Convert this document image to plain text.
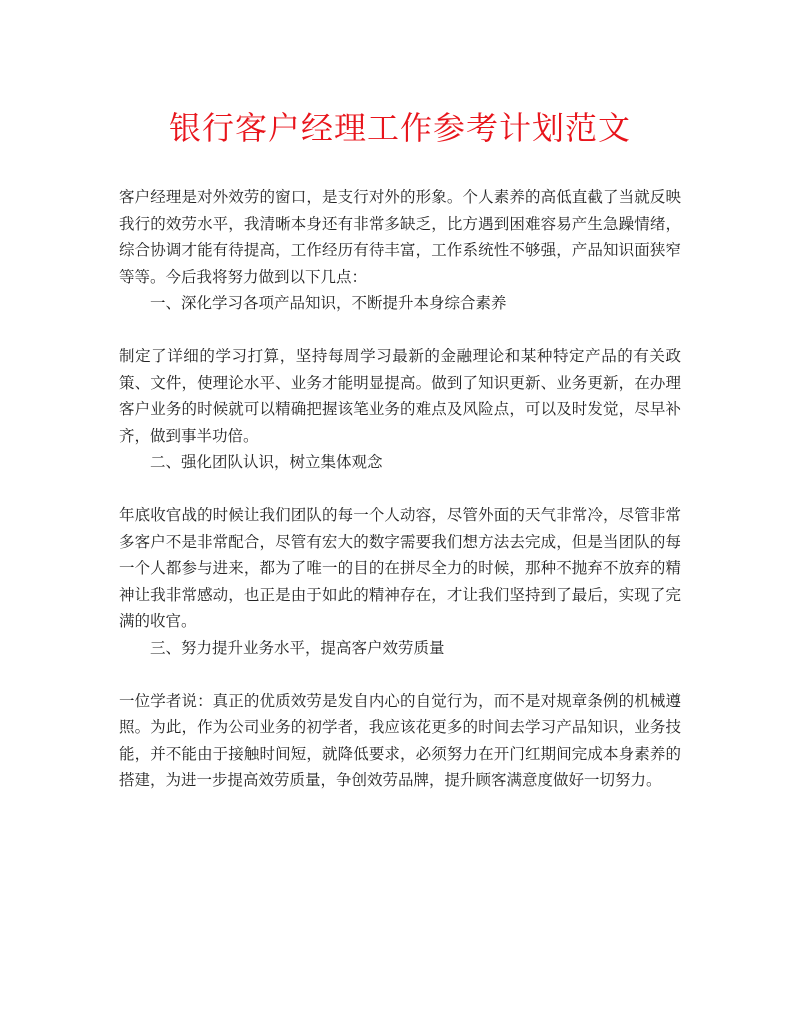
银行客户经理工作参考计划范文

客户经理是对外效劳的窗口，是支行对外的形象。个人素养的高低直截了当就反映我行的效劳水平，我清晰本身还有非常多缺乏，比方遇到困难容易产生急躁情绪，综合协调才能有待提高，工作经历有待丰富，工作系统性不够强，产品知识面狭窄等等。今后我将努力做到以下几点：

一、深化学习各项产品知识，不断提升本身综合素养

制定了详细的学习打算，坚持每周学习最新的金融理论和某种特定产品的有关政策、文件，使理论水平、业务才能明显提高。做到了知识更新、业务更新，在办理客户业务的时候就可以精确把握该笔业务的难点及风险点，可以及时发觉，尽早补齐，做到事半功倍。

二、强化团队认识，树立集体观念

年底收官战的时候让我们团队的每一个人动容，尽管外面的天气非常冷，尽管非常多客户不是非常配合，尽管有宏大的数字需要我们想方法去完成，但是当团队的每一个人都参与进来，都为了唯一的目的在拼尽全力的时候，那种不抛弃不放弃的精神让我非常感动，也正是由于如此的精神存在，才让我们坚持到了最后，实现了完满的收官。

三、努力提升业务水平，提高客户效劳质量

一位学者说：真正的优质效劳是发自内心的自觉行为，而不是对规章条例的机械遵照。为此，作为公司业务的初学者，我应该花更多的时间去学习产品知识，业务技能，并不能由于接触时间短，就降低要求，必须努力在开门红期间完成本身素养的搭建，为进一步提高效劳质量，争创效劳品牌，提升顾客满意度做好一切努力。
